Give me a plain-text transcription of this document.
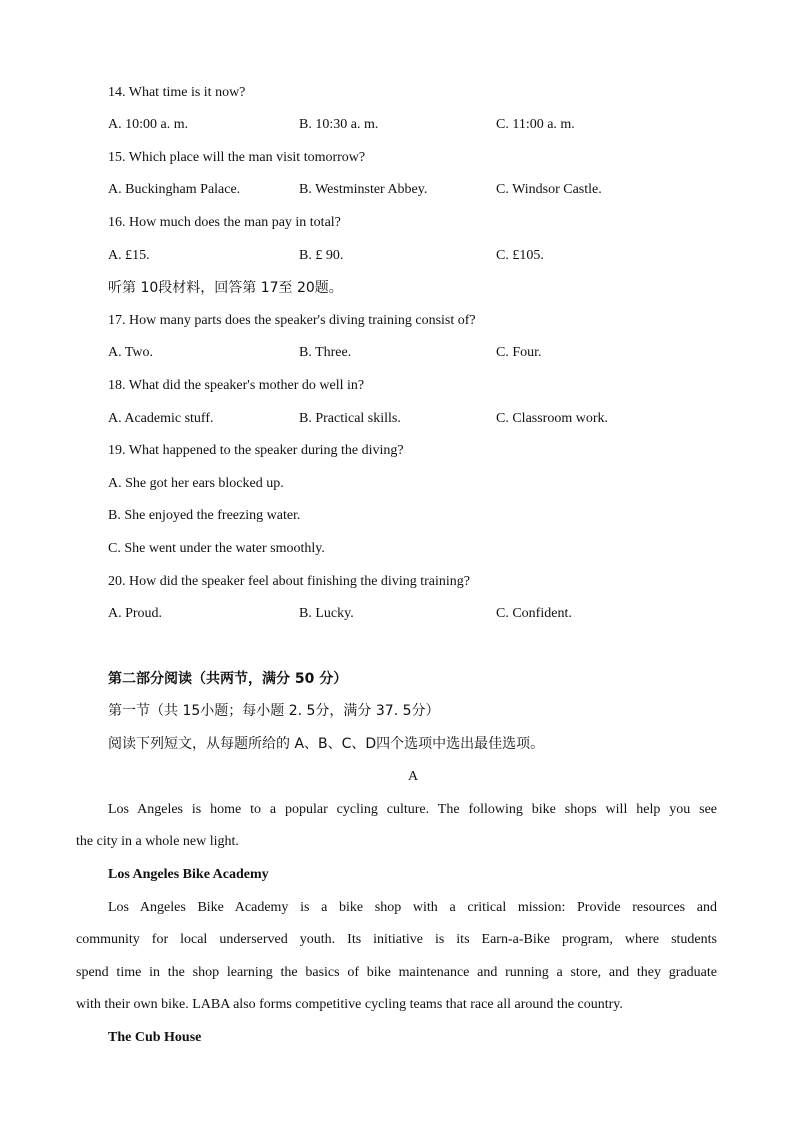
14. What time is it now?
A. 10:00 a. m.	B. 10:30 a. m.	C. 11:00 a. m.
15. Which place will the man visit tomorrow?
A. Buckingham Palace.	B. Westminster Abbey.	C. Windsor Castle.
16. How much does the man pay in total?
A. £15.	B. £ 90.	C. £105.
听第 10段材料，回答第 17至 20题。
17. How many parts does the speaker's diving training consist of?
A. Two.	B. Three.	C. Four.
18. What did the speaker's mother do well in?
A. Academic stuff.	B. Practical skills.	C. Classroom work.
19. What happened to the speaker during the diving?
A. She got her ears blocked up.
B. She enjoyed the freezing water.
C. She went under the water smoothly.
20. How did the speaker feel about finishing the diving training?
A. Proud.	B. Lucky.	C. Confident.
第二部分阅读（共两节，满分 50 分）
第一节（共 15小题；每小题 2. 5分，满分 37. 5分）
阅读下列短文，从每题所给的 A、B、C、D四个选项中选出最佳选项。
A
Los Angeles is home to a popular cycling culture. The following bike shops will help you see
the city in a whole new light.
Los Angeles Bike Academy
Los Angeles Bike Academy is a bike shop with a critical mission: Provide resources and
community for local underserved youth. Its initiative is its Earn-a-Bike program, where students
spend time in the shop learning the basics of bike maintenance and running a store, and they graduate
with their own bike. LABA also forms competitive cycling teams that race all around the country.
The Cub House
